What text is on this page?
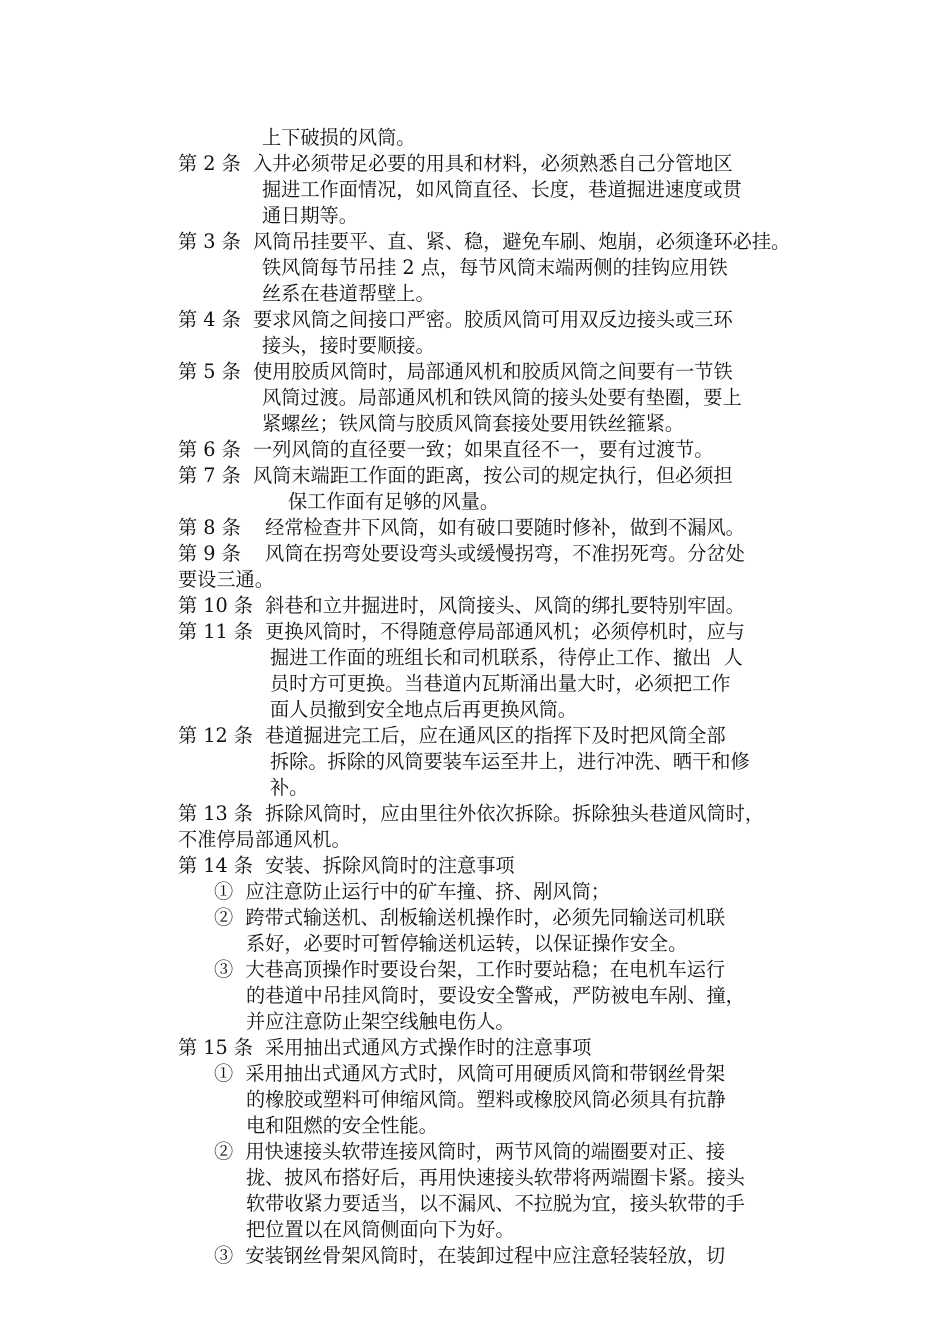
上下破损的风筒。
第 2 条  入井必须带足必要的用具和材料，必须熟悉自己分管地区
掘进工作面情况，如风筒直径、长度，巷道掘进速度或贯
通日期等。
第 3 条  风筒吊挂要平、直、紧、稳，避免车刷、炮崩，必须逢环必挂。
铁风筒每节吊挂 2 点，每节风筒末端两侧的挂钩应用铁
丝系在巷道帮壁上。
第 4 条  要求风筒之间接口严密。胶质风筒可用双反边接头或三环
接头，接时要顺接。
第 5 条  使用胶质风筒时，局部通风机和胶质风筒之间要有一节铁
风筒过渡。局部通风机和铁风筒的接头处要有垫圈，要上
紧螺丝；铁风筒与胶质风筒套接处要用铁丝箍紧。
第 6 条  一列风筒的直径要一致；如果直径不一，要有过渡节。
第 7 条  风筒末端距工作面的距离，按公司的规定执行，但必须担
保工作面有足够的风量。
第 8 条    经常检查井下风筒，如有破口要随时修补，做到不漏风。
第 9 条    风筒在拐弯处要设弯头或缓慢拐弯，不准拐死弯。分岔处
要设三通。
第 10 条  斜巷和立井掘进时，风筒接头、风筒的绑扎要特别牢固。
第 11 条  更换风筒时，不得随意停局部通风机；必须停机时，应与
掘进工作面的班组长和司机联系，待停止工作、撤出  人
员时方可更换。当巷道内瓦斯涌出量大时，必须把工作
面人员撤到安全地点后再更换风筒。
第 12 条  巷道掘进完工后，应在通风区的指挥下及时把风筒全部
拆除。拆除的风筒要装车运至井上，进行冲洗、晒干和修
补。
第 13 条  拆除风筒时，应由里往外依次拆除。拆除独头巷道风筒时，
不准停局部通风机。
第 14 条  安装、拆除风筒时的注意事项
①  应注意防止运行中的矿车撞、挤、剐风筒；
②  跨带式输送机、刮板输送机操作时，必须先同输送司机联
系好，必要时可暂停输送机运转，以保证操作安全。
③  大巷高顶操作时要设台架，工作时要站稳；在电机车运行
的巷道中吊挂风筒时，要设安全警戒，严防被电车剐、撞，
并应注意防止架空线触电伤人。
第 15 条  采用抽出式通风方式操作时的注意事项
①  采用抽出式通风方式时，风筒可用硬质风筒和带钢丝骨架
的橡胶或塑料可伸缩风筒。塑料或橡胶风筒必须具有抗静
电和阻燃的安全性能。
②  用快速接头软带连接风筒时，两节风筒的端圈要对正、接
拢、披风布搭好后，再用快速接头软带将两端圈卡紧。接头
软带收紧力要适当，以不漏风、不拉脱为宜，接头软带的手
把位置以在风筒侧面向下为好。
③  安装钢丝骨架风筒时，在装卸过程中应注意轻装轻放，切
